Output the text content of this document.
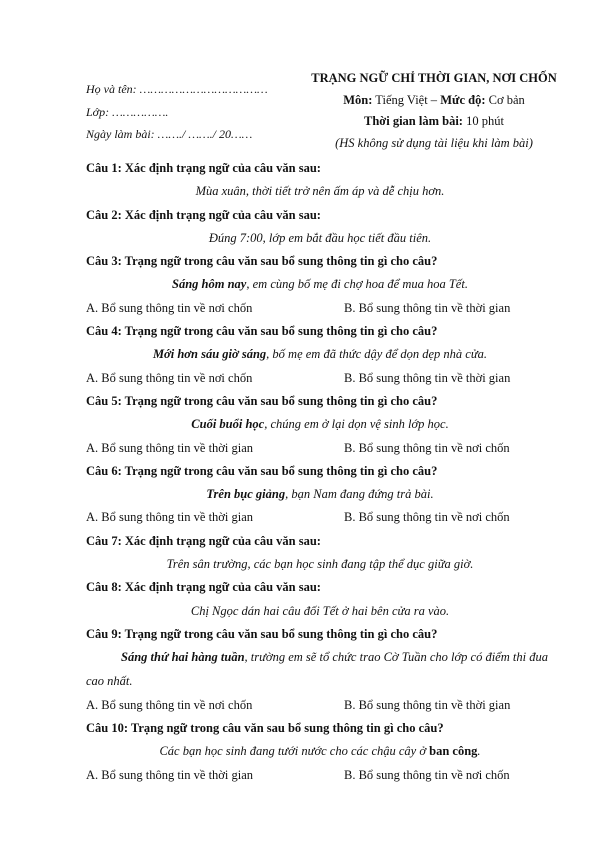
Họ và tên: ………………………………
Lớp: …………….
Ngày làm bài: ……./ ……./ 20……
TRẠNG NGỮ CHỈ THỜI GIAN, NƠI CHỐN
Môn: Tiếng Việt – Mức độ: Cơ bản
Thời gian làm bài: 10 phút
(HS không sử dụng tài liệu khi làm bài)
Câu 1: Xác định trạng ngữ của câu văn sau:
Mùa xuân, thời tiết trở nên ấm áp và dễ chịu hơn.
Câu 2: Xác định trạng ngữ của câu văn sau:
Đúng 7:00, lớp em bắt đầu học tiết đầu tiên.
Câu 3: Trạng ngữ trong câu văn sau bổ sung thông tin gì cho câu?
Sáng hôm nay, em cùng bố mẹ đi chợ hoa để mua hoa Tết.
A. Bổ sung thông tin về nơi chốn	B. Bổ sung thông tin về thời gian
Câu 4: Trạng ngữ trong câu văn sau bổ sung thông tin gì cho câu?
Mới hơn sáu giờ sáng, bố mẹ em đã thức dậy để dọn dẹp nhà cửa.
A. Bổ sung thông tin về nơi chốn	B. Bổ sung thông tin về thời gian
Câu 5: Trạng ngữ trong câu văn sau bổ sung thông tin gì cho câu?
Cuối buổi học, chúng em ở lại dọn vệ sinh lớp học.
A. Bổ sung thông tin về thời gian	B. Bổ sung thông tin về nơi chốn
Câu 6: Trạng ngữ trong câu văn sau bổ sung thông tin gì cho câu?
Trên bục giảng, bạn Nam đang đứng trả bài.
A. Bổ sung thông tin về thời gian	B. Bổ sung thông tin về nơi chốn
Câu 7: Xác định trạng ngữ của câu văn sau:
Trên sân trường, các bạn học sinh đang tập thể dục giữa giờ.
Câu 8: Xác định trạng ngữ của câu văn sau:
Chị Ngọc dán hai câu đối Tết ở hai bên cửa ra vào.
Câu 9: Trạng ngữ trong câu văn sau bổ sung thông tin gì cho câu?
Sáng thứ hai hàng tuần, trường em sẽ tổ chức trao Cờ Tuần cho lớp có điểm thi đua cao nhất.
A. Bổ sung thông tin về nơi chốn	B. Bổ sung thông tin về thời gian
Câu 10: Trạng ngữ trong câu văn sau bổ sung thông tin gì cho câu?
Các bạn học sinh đang tưới nước cho các chậu cây ở ban công.
A. Bổ sung thông tin về thời gian	B. Bổ sung thông tin về nơi chốn
